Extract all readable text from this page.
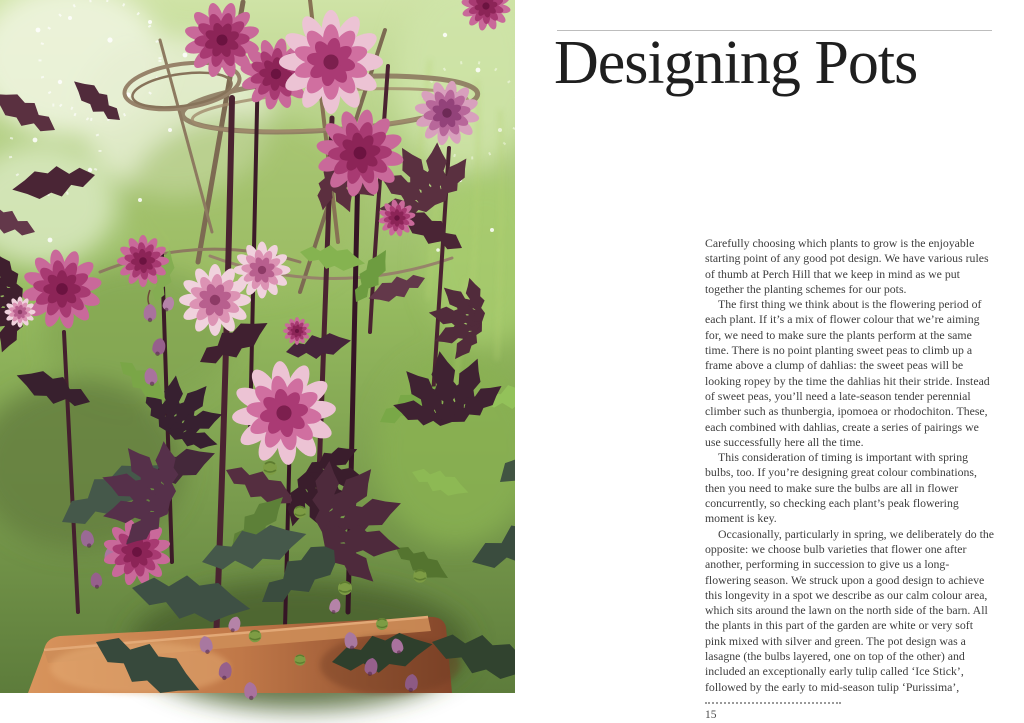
Designing Pots

Carefully choosing which plants to grow is the enjoyable starting point of any good pot design. We have various rules of thumb at Perch Hill that we keep in mind as we put together the planting schemes for our pots.

The first thing we think about is the flowering period of each plant. If it’s a mix of flower colour that we’re aiming for, we need to make sure the plants perform at the same time. There is no point planting sweet peas to climb up a frame above a clump of dahlias: the sweet peas will be looking ropey by the time the dahlias hit their stride. Instead of sweet peas, you’ll need a late-season tender perennial climber such as thunbergia, ipomoea or rhodochiton. These, each combined with dahlias, create a series of pairings we use successfully here all the time.

This consideration of timing is important with spring bulbs, too. If you’re designing great colour combinations, then you need to make sure the bulbs are all in flower concurrently, so checking each plant’s peak flowering moment is key.

Occasionally, particularly in spring, we deliberately do the opposite: we choose bulb varieties that flower one after another, performing in succession to give us a long-flowering season. We struck upon a good design to achieve this longevity in a spot we describe as our calm colour area, which sits around the lawn on the north side of the barn. All the plants in this part of the garden are white or very soft pink mixed with silver and green. The pot design was a lasagne (the bulbs layered, one on top of the other) and included an exceptionally early tulip called ‘Ice Stick’, followed by the early to mid-season tulip ‘Purissima’,

15
